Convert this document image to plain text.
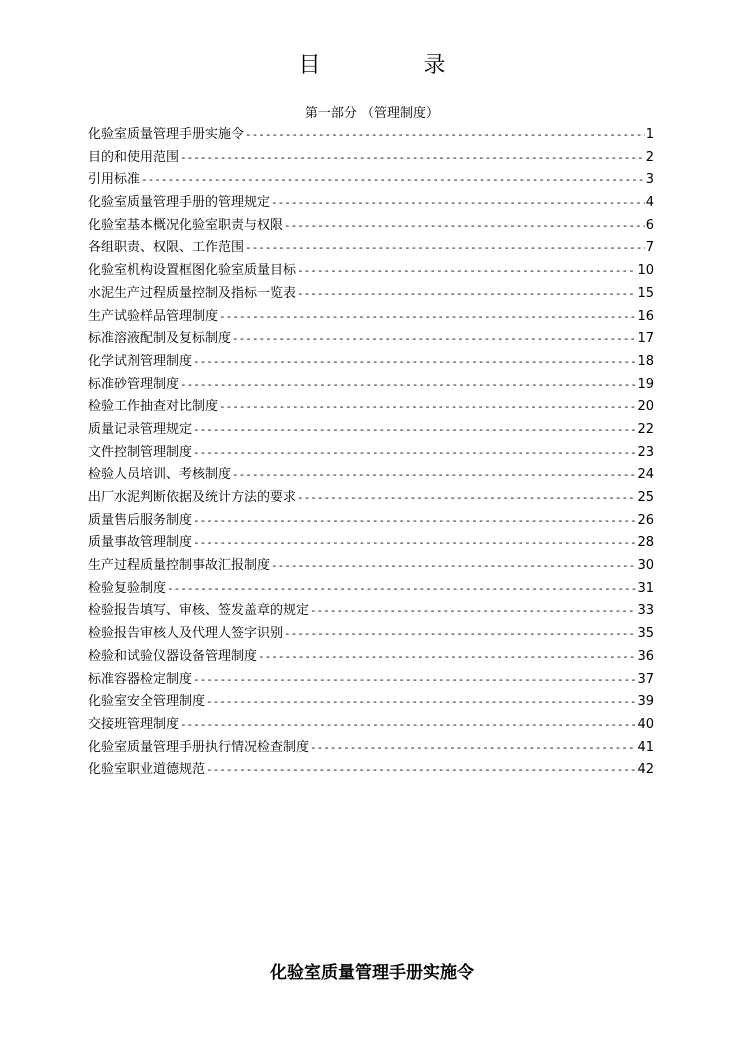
目 录
第一部分 （管理制度）
化验室质量管理手册实施令 -----	1
目的和使用范围 -----	2
引用标准 -----	3
化验室质量管理手册的管理规定 -----	4
化验室基本概况化验室职责与权限 -----	6
各组职责、权限、工作范围 -----	7
化验室机构设置框图化验室质量目标 -----	10
水泥生产过程质量控制及指标一览表 -----	15
生产试验样品管理制度 -----	16
标准溶液配制及复标制度 -----	17
化学试剂管理制度 -----	18
标准砂管理制度 -----	19
检验工作抽查对比制度 -----	20
质量记录管理规定 -----	22
文件控制管理制度 -----	23
检验人员培训、考核制度 -----	24
出厂水泥判断依据及统计方法的要求 -----	25
质量售后服务制度 -----	26
质量事故管理制度 -----	28
生产过程质量控制事故汇报制度 -----	30
检验复验制度 -----	31
检验报告填写、审核、签发盖章的规定 -----	33
检验报告审核人及代理人签字识别 -----	35
检验和试验仪器设备管理制度 -----	36
标准容器检定制度 -----	37
化验室安全管理制度 -----	39
交接班管理制度 -----	40
化验室质量管理手册执行情况检查制度 -----	41
化验室职业道德规范 -----	42
化验室质量管理手册实施令
